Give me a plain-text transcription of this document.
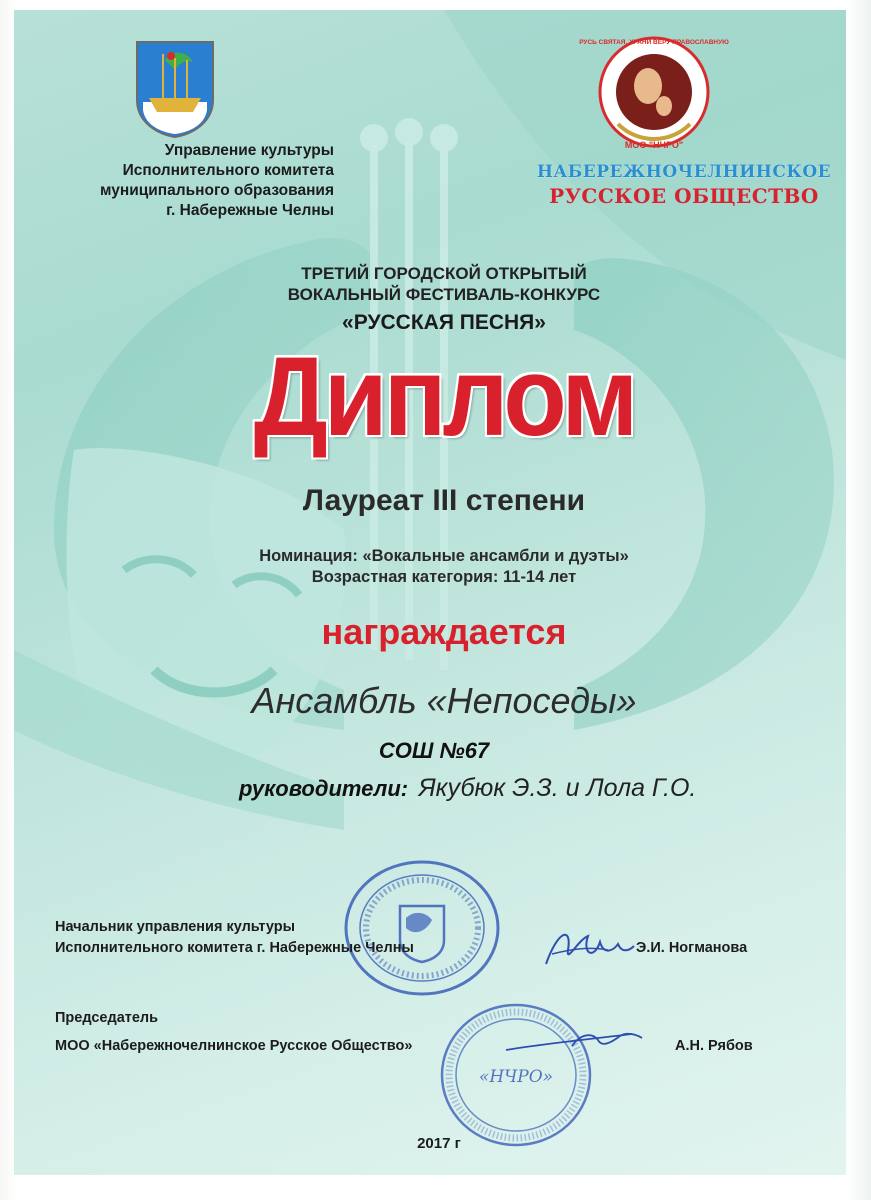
МОО "НЧРО"
РУСЬ СВЯТАЯ, ХРАНИ ВЕРУ ПРАВОСЛАВНУЮ
Управление культуры
Исполнительного комитета
муниципального образования
г. Набережные Челны
НАБЕРЕЖНОЧЕЛНИНСКОЕ
РУССКОЕ ОБЩЕСТВО
ТРЕТИЙ ГОРОДСКОЙ ОТКРЫТЫЙ
ВОКАЛЬНЫЙ ФЕСТИВАЛЬ-КОНКУРС
«РУССКАЯ ПЕСНЯ»
Диплом
Лауреат III степени
Номинация: «Вокальные ансамбли и дуэты»
Возрастная категория: 11-14 лет
награждается
Ансамбль «Непоседы»
СОШ №67
руководители: Якубюк Э.З. и Лола Г.О.
«НЧРО»
Начальник управления культуры
Исполнительного комитета г. Набережные Челны	Э.И. Ногманова
Председатель
МОО «Набережночелнинское Русское Общество»	А.Н. Рябов
2017 г
